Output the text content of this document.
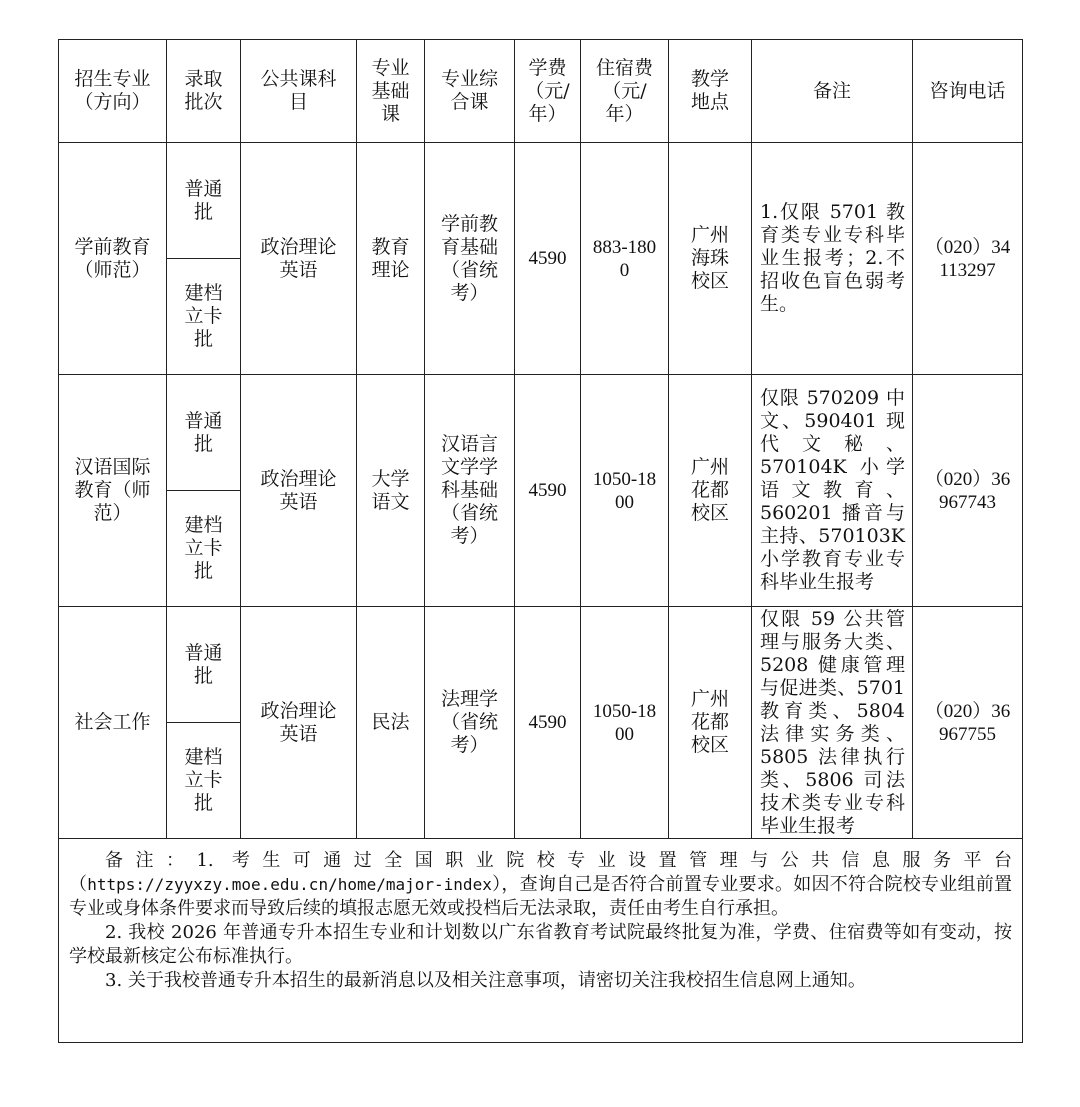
招生专业（方向）	录取批次	公共课科目	专业基础课	专业综合课	学费（元/年）	住宿费（元/年）	教学地点	备注	咨询电话

学前教育（师范）	普通批	政治理论英语	教育理论	学前教育基础（省统考）	4590	883-1800	广州海珠校区	1.仅限 5701 教育类专业专科毕业生报考；2.不招收色盲色弱考生。	（020）34113297

	建档立卡批								

汉语国际教育（师范）	普通批	政治理论英语	大学语文	汉语言文学学科基础（省统考）	4590	1050-1800	广州花都校区	仅限 570209 中文、590401 现代文秘、570104K 小学语文教育、560201 播音与主持、570103K 小学教育专业专科毕业生报考	（020）36967743

	建档立卡批								

社会工作	普通批	政治理论英语	民法	法理学（省统考）	4590	1050-1800	广州花都校区	仅限 59 公共管理与服务大类、5208 健康管理与促进类、5701 教育类、5804 法律实务类、5805 法律执行类、5806 司法技术类专业专科毕业生报考	（020）36967755

	建档立卡批								

备注：1. 考生可通过全国职业院校专业设置管理与公共信息服务平台（https://zyyxzy.moe.edu.cn/home/major-index），查询自己是否符合前置专业要求。如因不符合院校专业组前置专业或身体条件要求而导致后续的填报志愿无效或投档后无法录取，责任由考生自行承担。

2. 我校 2026 年普通专升本招生专业和计划数以广东省教育考试院最终批复为准，学费、住宿费等如有变动，按学校最新核定公布标准执行。

3. 关于我校普通专升本招生的最新消息以及相关注意事项，请密切关注我校招生信息网上通知。									
